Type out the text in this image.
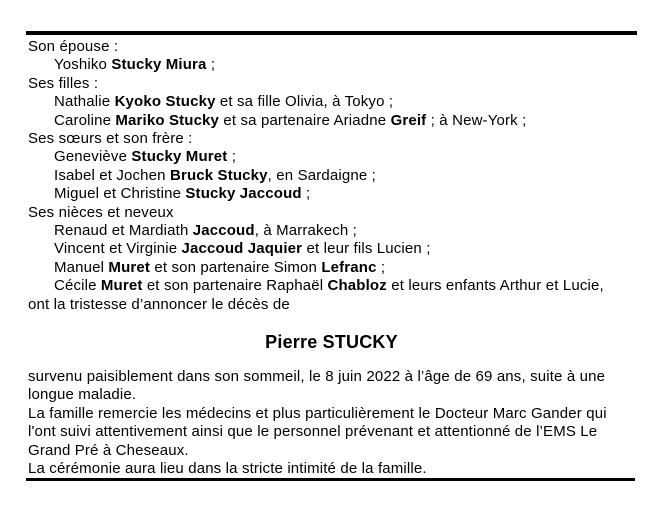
Son épouse :
Yoshiko Stucky Miura ;
Ses filles :
Nathalie Kyoko Stucky et sa fille Olivia, à Tokyo ;
Caroline Mariko Stucky et sa partenaire Ariadne Greif ; à New-York ;
Ses sœurs et son frère :
Geneviève Stucky Muret ;
Isabel et Jochen Bruck Stucky, en Sardaigne ;
Miguel et Christine Stucky Jaccoud ;
Ses nièces et neveux
Renaud et Mardiath Jaccoud, à Marrakech ;
Vincent et Virginie Jaccoud Jaquier et leur fils Lucien ;
Manuel Muret et son partenaire Simon Lefranc ;
Cécile Muret et son partenaire Raphaël Chabloz et leurs enfants Arthur et Lucie,
ont la tristesse d’annoncer le décès de
Pierre STUCKY
survenu paisiblement dans son sommeil, le 8 juin 2022 à l’âge de 69 ans, suite à une
longue maladie.
La famille remercie les médecins et plus particulièrement le Docteur Marc Gander qui
l'ont suivi attentivement ainsi que le personnel prévenant et attentionné de l’EMS Le
Grand Pré à Cheseaux.
La cérémonie aura lieu dans la stricte intimité de la famille.
